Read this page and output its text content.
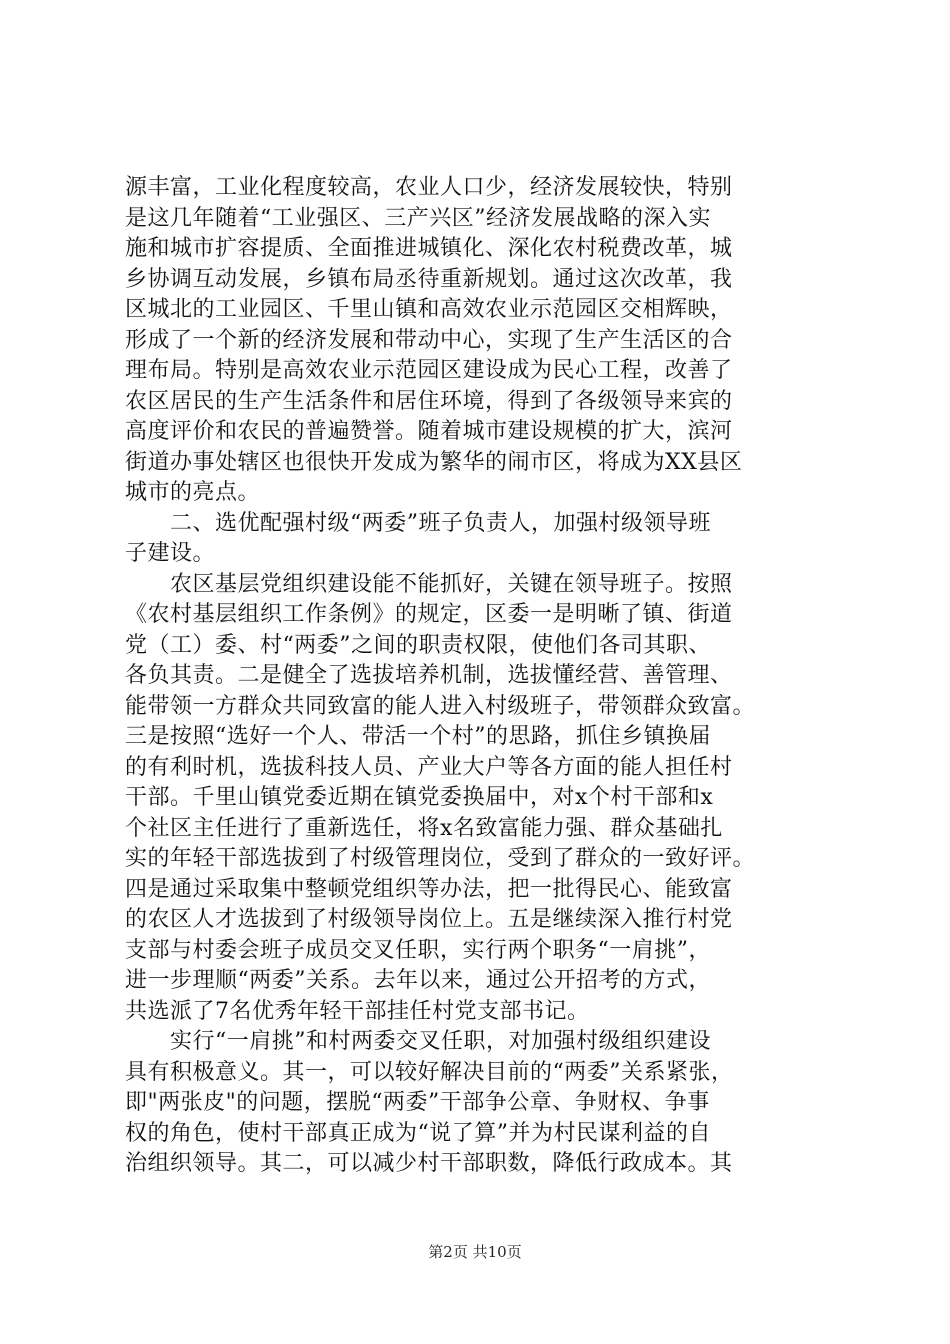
源丰富，工业化程度较高，农业人口少，经济发展较快，特别
是这几年随着“工业强区、三产兴区”经济发展战略的深入实
施和城市扩容提质、全面推进城镇化、深化农村税费改革，城
乡协调互动发展，乡镇布局丞待重新规划。通过这次改革，我
区城北的工业园区、千里山镇和高效农业示范园区交相辉映，
形成了一个新的经济发展和带动中心，实现了生产生活区的合
理布局。特别是高效农业示范园区建设成为民心工程，改善了
农区居民的生产生活条件和居住环境，得到了各级领导来宾的
高度评价和农民的普遍赞誉。随着城市建设规模的扩大，滨河
街道办事处辖区也很快开发成为繁华的闹市区，将成为XX县区
城市的亮点。
　　二、选优配强村级“两委”班子负责人，加强村级领导班
子建设。
　　农区基层党组织建设能不能抓好，关键在领导班子。按照
《农村基层组织工作条例》的规定，区委一是明晰了镇、街道
党（工）委、村“两委”之间的职责权限，使他们各司其职、
各负其责。二是健全了选拔培养机制，选拔懂经营、善管理、
能带领一方群众共同致富的能人进入村级班子，带领群众致富。
三是按照“选好一个人、带活一个村”的思路，抓住乡镇换届
的有利时机，选拔科技人员、产业大户等各方面的能人担任村
干部。千里山镇党委近期在镇党委换届中，对x个村干部和x
个社区主任进行了重新选任，将x名致富能力强、群众基础扎
实的年轻干部选拔到了村级管理岗位，受到了群众的一致好评。
四是通过采取集中整顿党组织等办法，把一批得民心、能致富
的农区人才选拔到了村级领导岗位上。五是继续深入推行村党
支部与村委会班子成员交叉任职，实行两个职务“一肩挑”，
进一步理顺“两委”关系。去年以来，通过公开招考的方式，
共选派了7名优秀年轻干部挂任村党支部书记。
　　实行“一肩挑”和村两委交叉任职，对加强村级组织建设
具有积极意义。其一，可以较好解决目前的“两委”关系紧张，
即"两张皮"的问题，摆脱“两委”干部争公章、争财权、争事
权的角色，使村干部真正成为“说了算”并为村民谋利益的自
治组织领导。其二，可以减少村干部职数，降低行政成本。其
第2页 共10页
